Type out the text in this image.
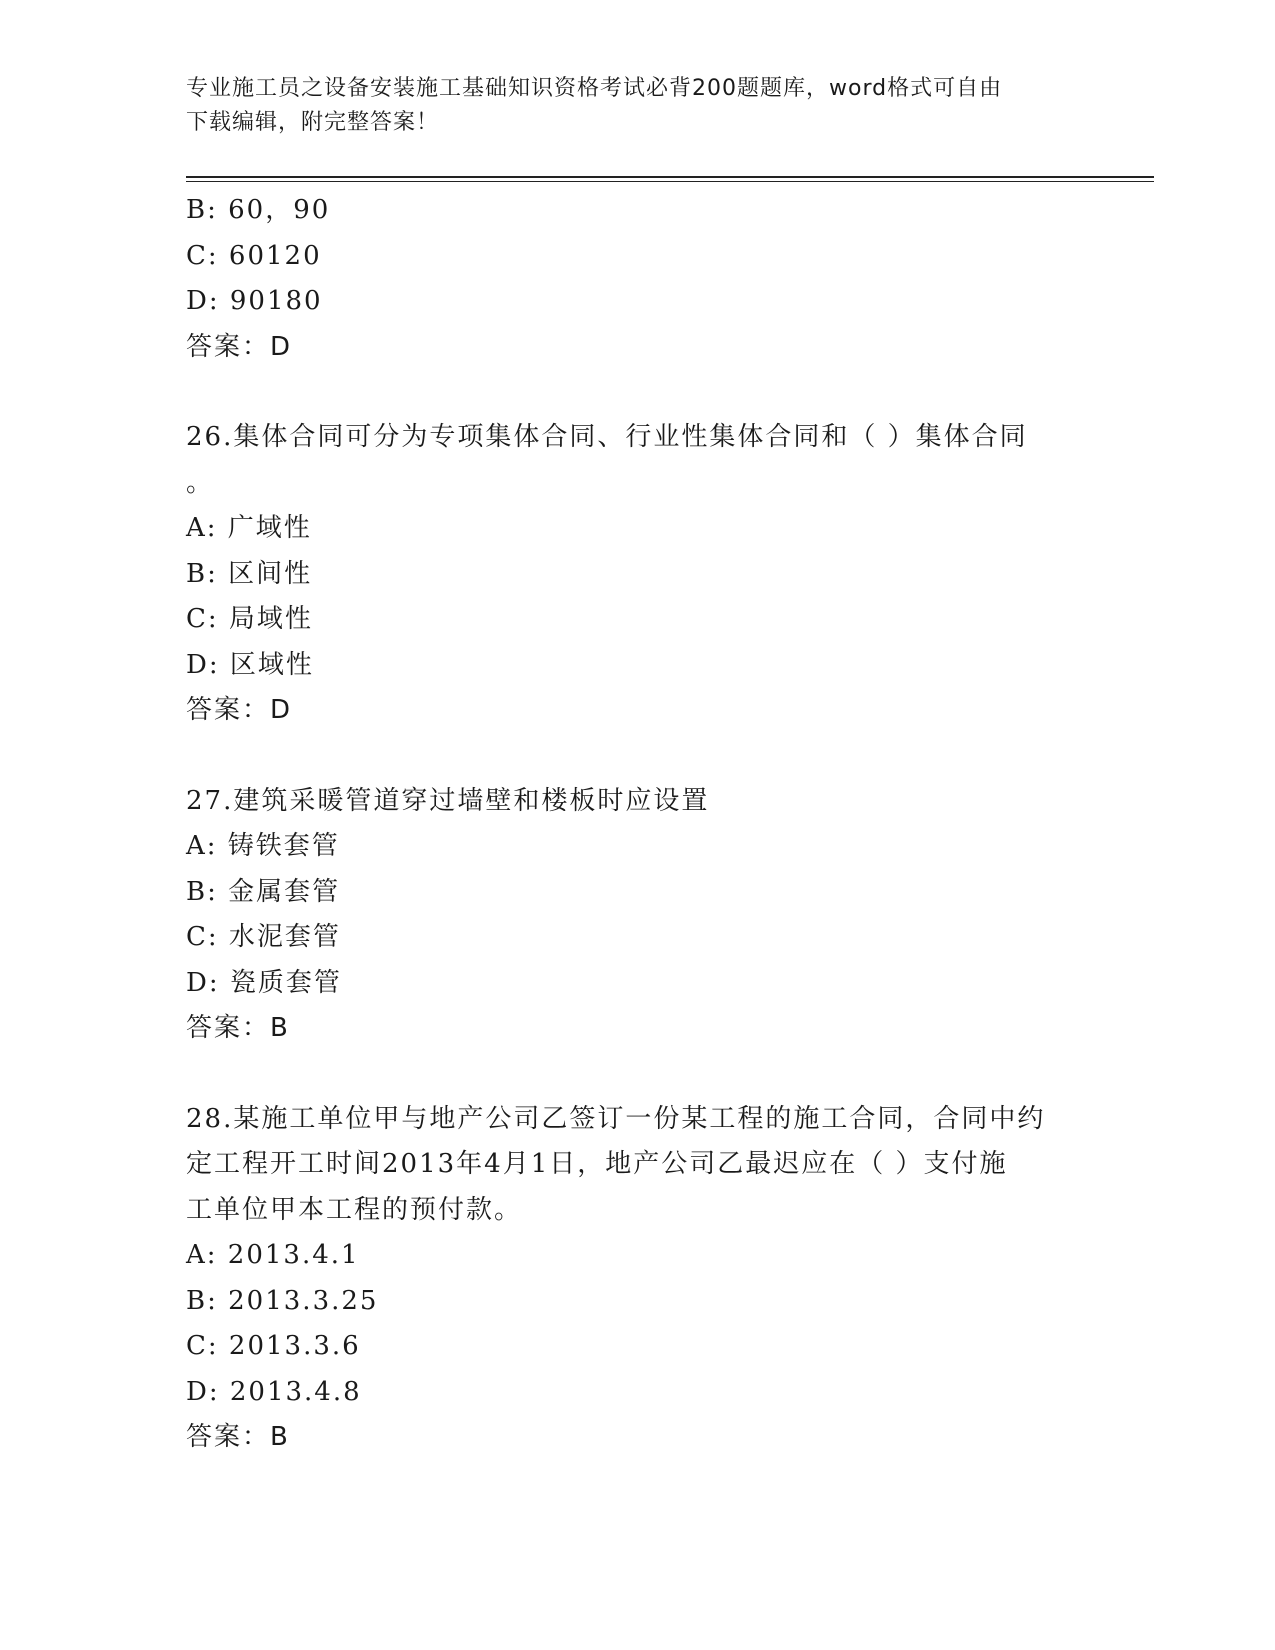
专业施工员之设备安装施工基础知识资格考试必背200题题库，word格式可自由
下载编辑，附完整答案！
B: 60，90
C: 60120
D: 90180
答案：D
26.集体合同可分为专项集体合同、行业性集体合同和（ ）集体合同
。
A: 广域性
B: 区间性
C: 局域性
D: 区域性
答案：D
27.建筑采暖管道穿过墙壁和楼板时应设置
A: 铸铁套管
B: 金属套管
C: 水泥套管
D: 瓷质套管
答案：B
28.某施工单位甲与地产公司乙签订一份某工程的施工合同，合同中约
定工程开工时间2013年4月1日，地产公司乙最迟应在（ ）支付施
工单位甲本工程的预付款。
A: 2013.4.1
B: 2013.3.25
C: 2013.3.6
D: 2013.4.8
答案：B
